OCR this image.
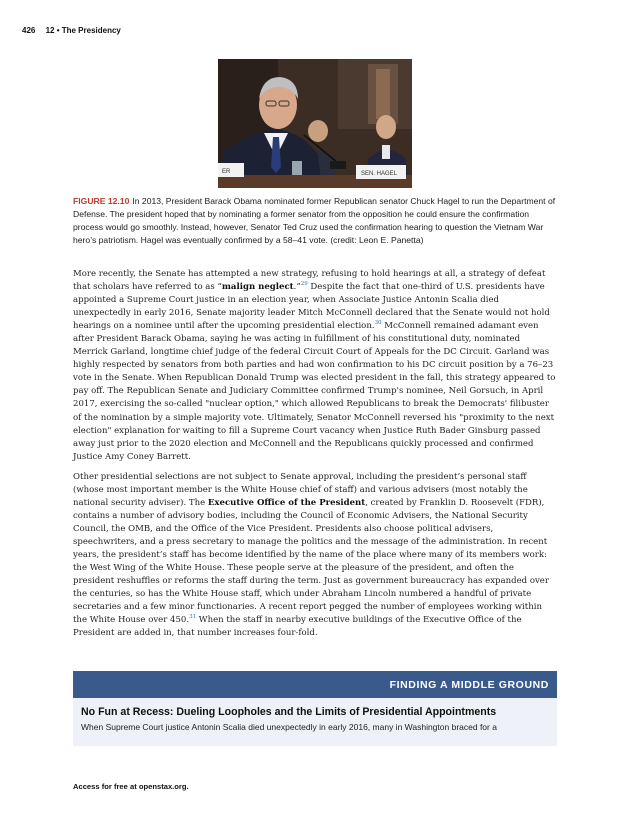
426 12 • The Presidency
ER	SEN. HAGEL
FIGURE 12.10 In 2013, President Barack Obama nominated former Republican senator Chuck Hagel to run the Department of Defense. The president hoped that by nominating a former senator from the opposition he could ensure the confirmation process would go smoothly. Instead, however, Senator Ted Cruz used the confirmation hearing to question the Vietnam War hero’s patriotism. Hagel was eventually confirmed by a 58–41 vote. (credit: Leon E. Panetta)

More recently, the Senate has attempted a new strategy, refusing to hold hearings at all, a strategy of defeat that scholars have referred to as “malign neglect.”$^{29}$ Despite the fact that one-third of U.S. presidents have appointed a Supreme Court justice in an election year, when Associate Justice Antonin Scalia died unexpectedly in early 2016, Senate majority leader Mitch McConnell declared that the Senate would not hold hearings on a nominee until after the upcoming presidential election.$^{30}$ McConnell remained adamant even after President Barack Obama, saying he was acting in fulfillment of his constitutional duty, nominated Merrick Garland, longtime chief judge of the federal Circuit Court of Appeals for the DC Circuit. Garland was highly respected by senators from both parties and had won confirmation to his DC circuit position by a 76–23 vote in the Senate. When Republican Donald Trump was elected president in the fall, this strategy appeared to pay off. The Republican Senate and Judiciary Committee confirmed Trump's nominee, Neil Gorsuch, in April 2017, exercising the so-called "nuclear option," which allowed Republicans to break the Democrats' filibuster of the nomination by a simple majority vote. Ultimately, Senator McConnell reversed his "proximity to the next election" explanation for waiting to fill a Supreme Court vacancy when Justice Ruth Bader Ginsburg passed away just prior to the 2020 election and McConnell and the Republicans quickly processed and confirmed Justice Amy Coney Barrett.

Other presidential selections are not subject to Senate approval, including the president’s personal staff (whose most important member is the White House chief of staff) and various advisers (most notably the national security adviser). The Executive Office of the President, created by Franklin D. Roosevelt (FDR), contains a number of advisory bodies, including the Council of Economic Advisers, the National Security Council, the OMB, and the Office of the Vice President. Presidents also choose political advisers, speechwriters, and a press secretary to manage the politics and the message of the administration. In recent years, the president’s staff has become identified by the name of the place where many of its members work: the West Wing of the White House. These people serve at the pleasure of the president, and often the president reshuffles or reforms the staff during the term. Just as government bureaucracy has expanded over the centuries, so has the White House staff, which under Abraham Lincoln numbered a handful of private secretaries and a few minor functionaries. A recent report pegged the number of employees working within the White House over 450.31 When the staff in nearby executive buildings of the Executive Office of the President are added in, that number increases four-fold.

FINDING A MIDDLE GROUND
No Fun at Recess: Dueling Loopholes and the Limits of Presidential Appointments
When Supreme Court justice Antonin Scalia died unexpectedly in early 2016, many in Washington braced for a
Access for free at openstax.org.
